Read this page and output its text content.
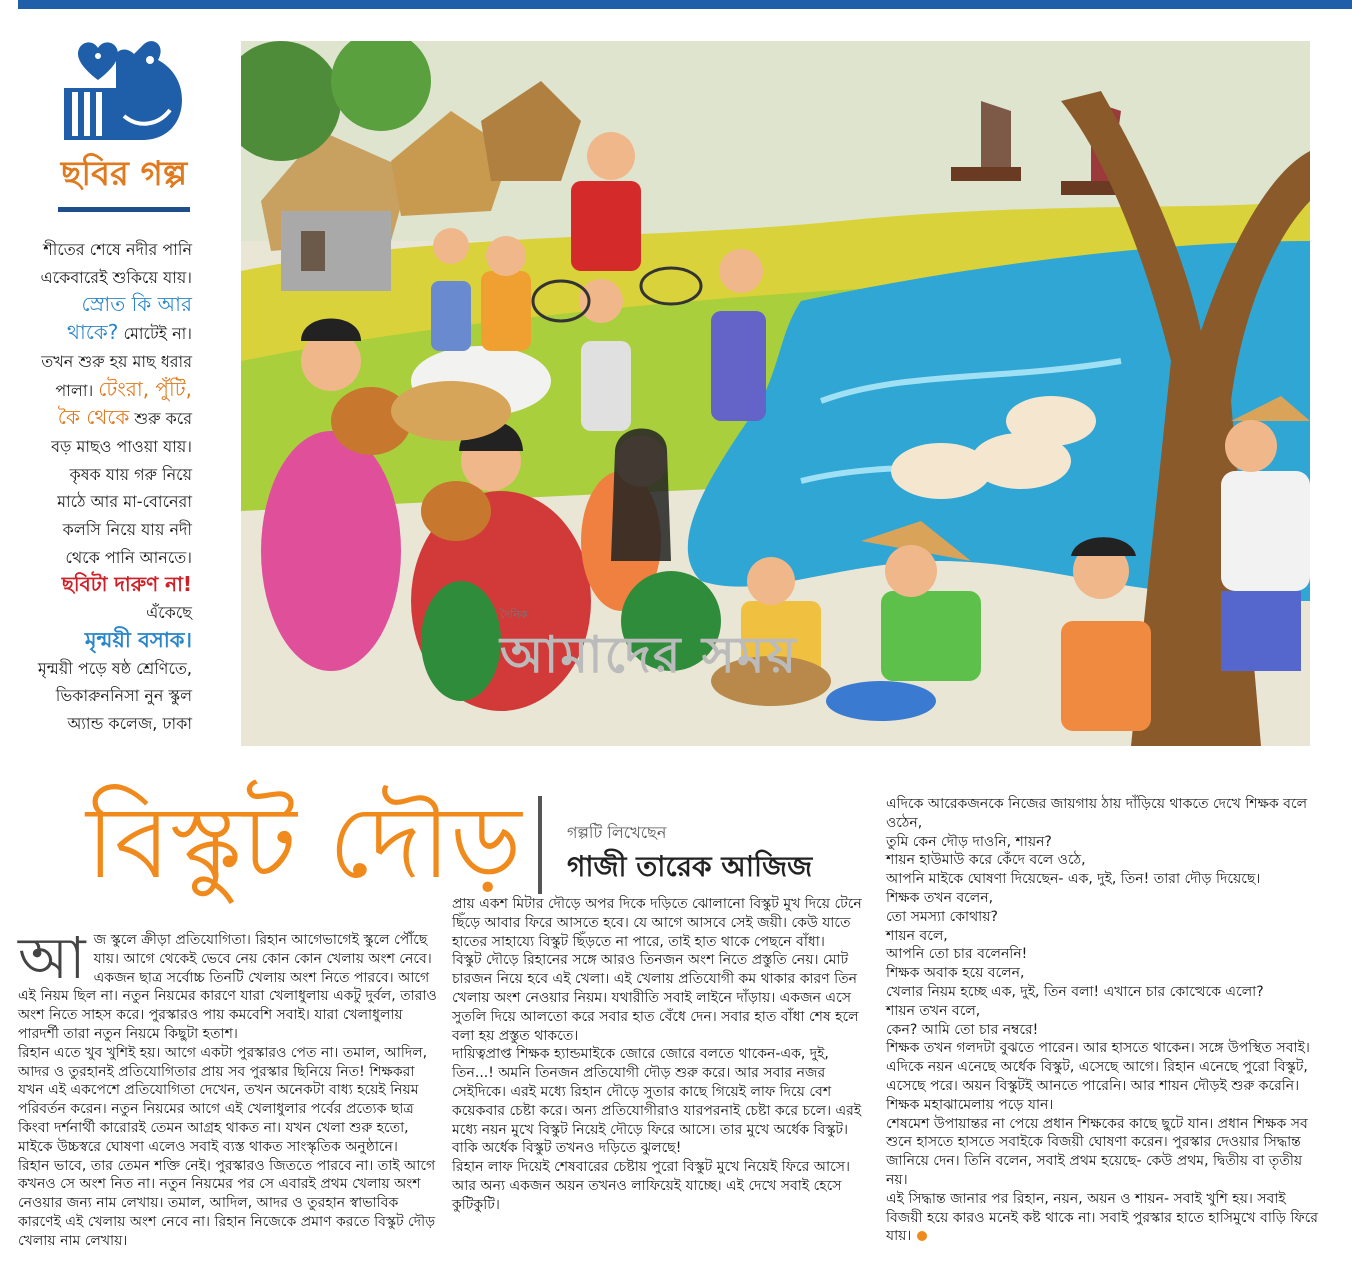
ছবির গল্প
শীতের শেষে নদীর পানি
একেবারেই শুকিয়ে যায়।
স্রোত কি আর
থাকে? মোটেই না।
তখন শুরু হয় মাছ ধরার
পালা। টেংরা, পুঁটি,
কৈ থেকে শুরু করে
বড় মাছও পাওয়া যায়।
কৃষক যায় গরু নিয়ে
মাঠে আর মা-বোনেরা
কলসি নিয়ে যায় নদী
থেকে পানি আনতে।
ছবিটা দারুণ না!
এঁকেছে
মৃন্ময়ী বসাক।
মৃন্ময়ী পড়ে ষষ্ঠ শ্রেণিতে,
ভিকারুননিসা নুন স্কুল
অ্যান্ড কলেজ, ঢাকা
দৈনিক
আমাদের সময়
বিস্কুট দৌড়	গল্পটি লিখেছেন
গাজী তারেক আজিজ
আ জ স্কুলে ক্রীড়া প্রতিযোগিতা। রিহান আগেভাগেই স্কুলে পৌঁছে যায়। আগে থেকেই ভেবে নেয় কোন কোন খেলায় অংশ নেবে। একজন ছাত্র সর্বোচ্চ তিনটি খেলায় অংশ নিতে পারবে। আগে এই নিয়ম ছিল না। নতুন নিয়মের কারণে যারা খেলাধুলায় একটু দুর্বল, তারাও অংশ নিতে সাহস করে। পুরস্কারও পায় কমবেশি সবাই। যারা খেলাধুলায় পারদর্শী তারা নতুন নিয়মে কিছুটা হতাশ।

রিহান এতে খুব খুশিই হয়। আগে একটা পুরস্কারও পেত না। তমাল, আদিল, আদর ও তুরহানই প্রতিযোগিতার প্রায় সব পুরস্কার ছিনিয়ে নিত! শিক্ষকরা যখন এই একপেশে প্রতিযোগিতা দেখেন, তখন অনেকটা বাধ্য হয়েই নিয়ম পরিবর্তন করেন। নতুন নিয়মের আগে এই খেলাধুলার পর্বের প্রত্যেক ছাত্র কিংবা দর্শনার্থী কারোরই তেমন আগ্রহ থাকত না। যখন খেলা শুরু হতো, মাইকে উচ্চস্বরে ঘোষণা এলেও সবাই ব্যস্ত থাকত সাংস্কৃতিক অনুষ্ঠানে।

রিহান ভাবে, তার তেমন শক্তি নেই। পুরস্কারও জিততে পারবে না। তাই আগে কখনও সে অংশ নিত না। নতুন নিয়মের পর সে এবারই প্রথম খেলায় অংশ নেওয়ার জন্য নাম লেখায়। তমাল, আদিল, আদর ও তুরহান স্বাভাবিক কারণেই এই খেলায় অংশ নেবে না। রিহান নিজেকে প্রমাণ করতে বিস্কুট দৌড় খেলায় নাম লেখায়।

প্রায় একশ মিটার দৌড়ে অপর দিকে দড়িতে ঝোলানো বিস্কুট মুখ দিয়ে টেনে ছিঁড়ে আবার ফিরে আসতে হবে। যে আগে আসবে সেই জয়ী। কেউ যাতে হাতের সাহায্যে বিস্কুট ছিঁড়তে না পারে, তাই হাত থাকে পেছনে বাঁধা।

বিস্কুট দৌড়ে রিহানের সঙ্গে আরও তিনজন অংশ নিতে প্রস্তুতি নেয়। মোট চারজন নিয়ে হবে এই খেলা। এই খেলায় প্রতিযোগী কম থাকার কারণ তিন খেলায় অংশ নেওয়ার নিয়ম। যথারীতি সবাই লাইনে দাঁড়ায়। একজন এসে সুতলি দিয়ে আলতো করে সবার হাত বেঁধে দেন। সবার হাত বাঁধা শেষ হলে বলা হয় প্রস্তুত থাকতে।

দায়িত্বপ্রাপ্ত শিক্ষক হ্যান্ডমাইকে জোরে জোরে বলতে থাকেন-এক, দুই, তিন...! অমনি তিনজন প্রতিযোগী দৌড় শুরু করে। আর সবার নজর সেইদিকে। এরই মধ্যে রিহান দৌড়ে সুতার কাছে গিয়েই লাফ দিয়ে বেশ কয়েকবার চেষ্টা করে। অন্য প্রতিযোগীরাও যারপরনাই চেষ্টা করে চলে। এরই মধ্যে নয়ন মুখে বিস্কুট নিয়েই দৌড়ে ফিরে আসে। তার মুখে অর্ধেক বিস্কুট। বাকি অর্ধেক বিস্কুট তখনও দড়িতে ঝুলছে!

রিহান লাফ দিয়েই শেষবারের চেষ্টায় পুরো বিস্কুট মুখে নিয়েই ফিরে আসে। আর অন্য একজন অয়ন তখনও লাফিয়েই যাচ্ছে। এই দেখে সবাই হেসে কুটিকুটি।

এদিকে আরেকজনকে নিজের জায়গায় ঠায় দাঁড়িয়ে থাকতে দেখে শিক্ষক বলে ওঠেন,

তুমি কেন দৌড় দাওনি, শায়ন?

শায়ন হাউমাউ করে কেঁদে বলে ওঠে,

আপনি মাইকে ঘোষণা দিয়েছেন- এক, দুই, তিন! তারা দৌড় দিয়েছে।

শিক্ষক তখন বলেন,

তো সমস্যা কোথায়?

শায়ন বলে,

আপনি তো চার বলেননি!

শিক্ষক অবাক হয়ে বলেন,

খেলার নিয়ম হচ্ছে এক, দুই, তিন বলা! এখানে চার কোত্থেকে এলো?

শায়ন তখন বলে,

কেন? আমি তো চার নম্বরে!

শিক্ষক তখন গলদটা বুঝতে পারেন। আর হাসতে থাকেন। সঙ্গে উপস্থিত সবাই।

এদিকে নয়ন এনেছে অর্ধেক বিস্কুট, এসেছে আগে। রিহান এনেছে পুরো বিস্কুট, এসেছে পরে। অয়ন বিস্কুটই আনতে পারেনি। আর শায়ন দৌড়ই শুরু করেনি। শিক্ষক মহাঝামেলায় পড়ে যান।

শেষমেশ উপায়ান্তর না পেয়ে প্রধান শিক্ষকের কাছে ছুটে যান। প্রধান শিক্ষক সব শুনে হাসতে হাসতে সবাইকে বিজয়ী ঘোষণা করেন। পুরস্কার দেওয়ার সিদ্ধান্ত জানিয়ে দেন। তিনি বলেন, সবাই প্রথম হয়েছে- কেউ প্রথম, দ্বিতীয় বা তৃতীয় নয়।

এই সিদ্ধান্ত জানার পর রিহান, নয়ন, অয়ন ও শায়ন- সবাই খুশি হয়। সবাই বিজয়ী হয়ে কারও মনেই কষ্ট থাকে না। সবাই পুরস্কার হাতে হাসিমুখে বাড়ি ফিরে যায়।
